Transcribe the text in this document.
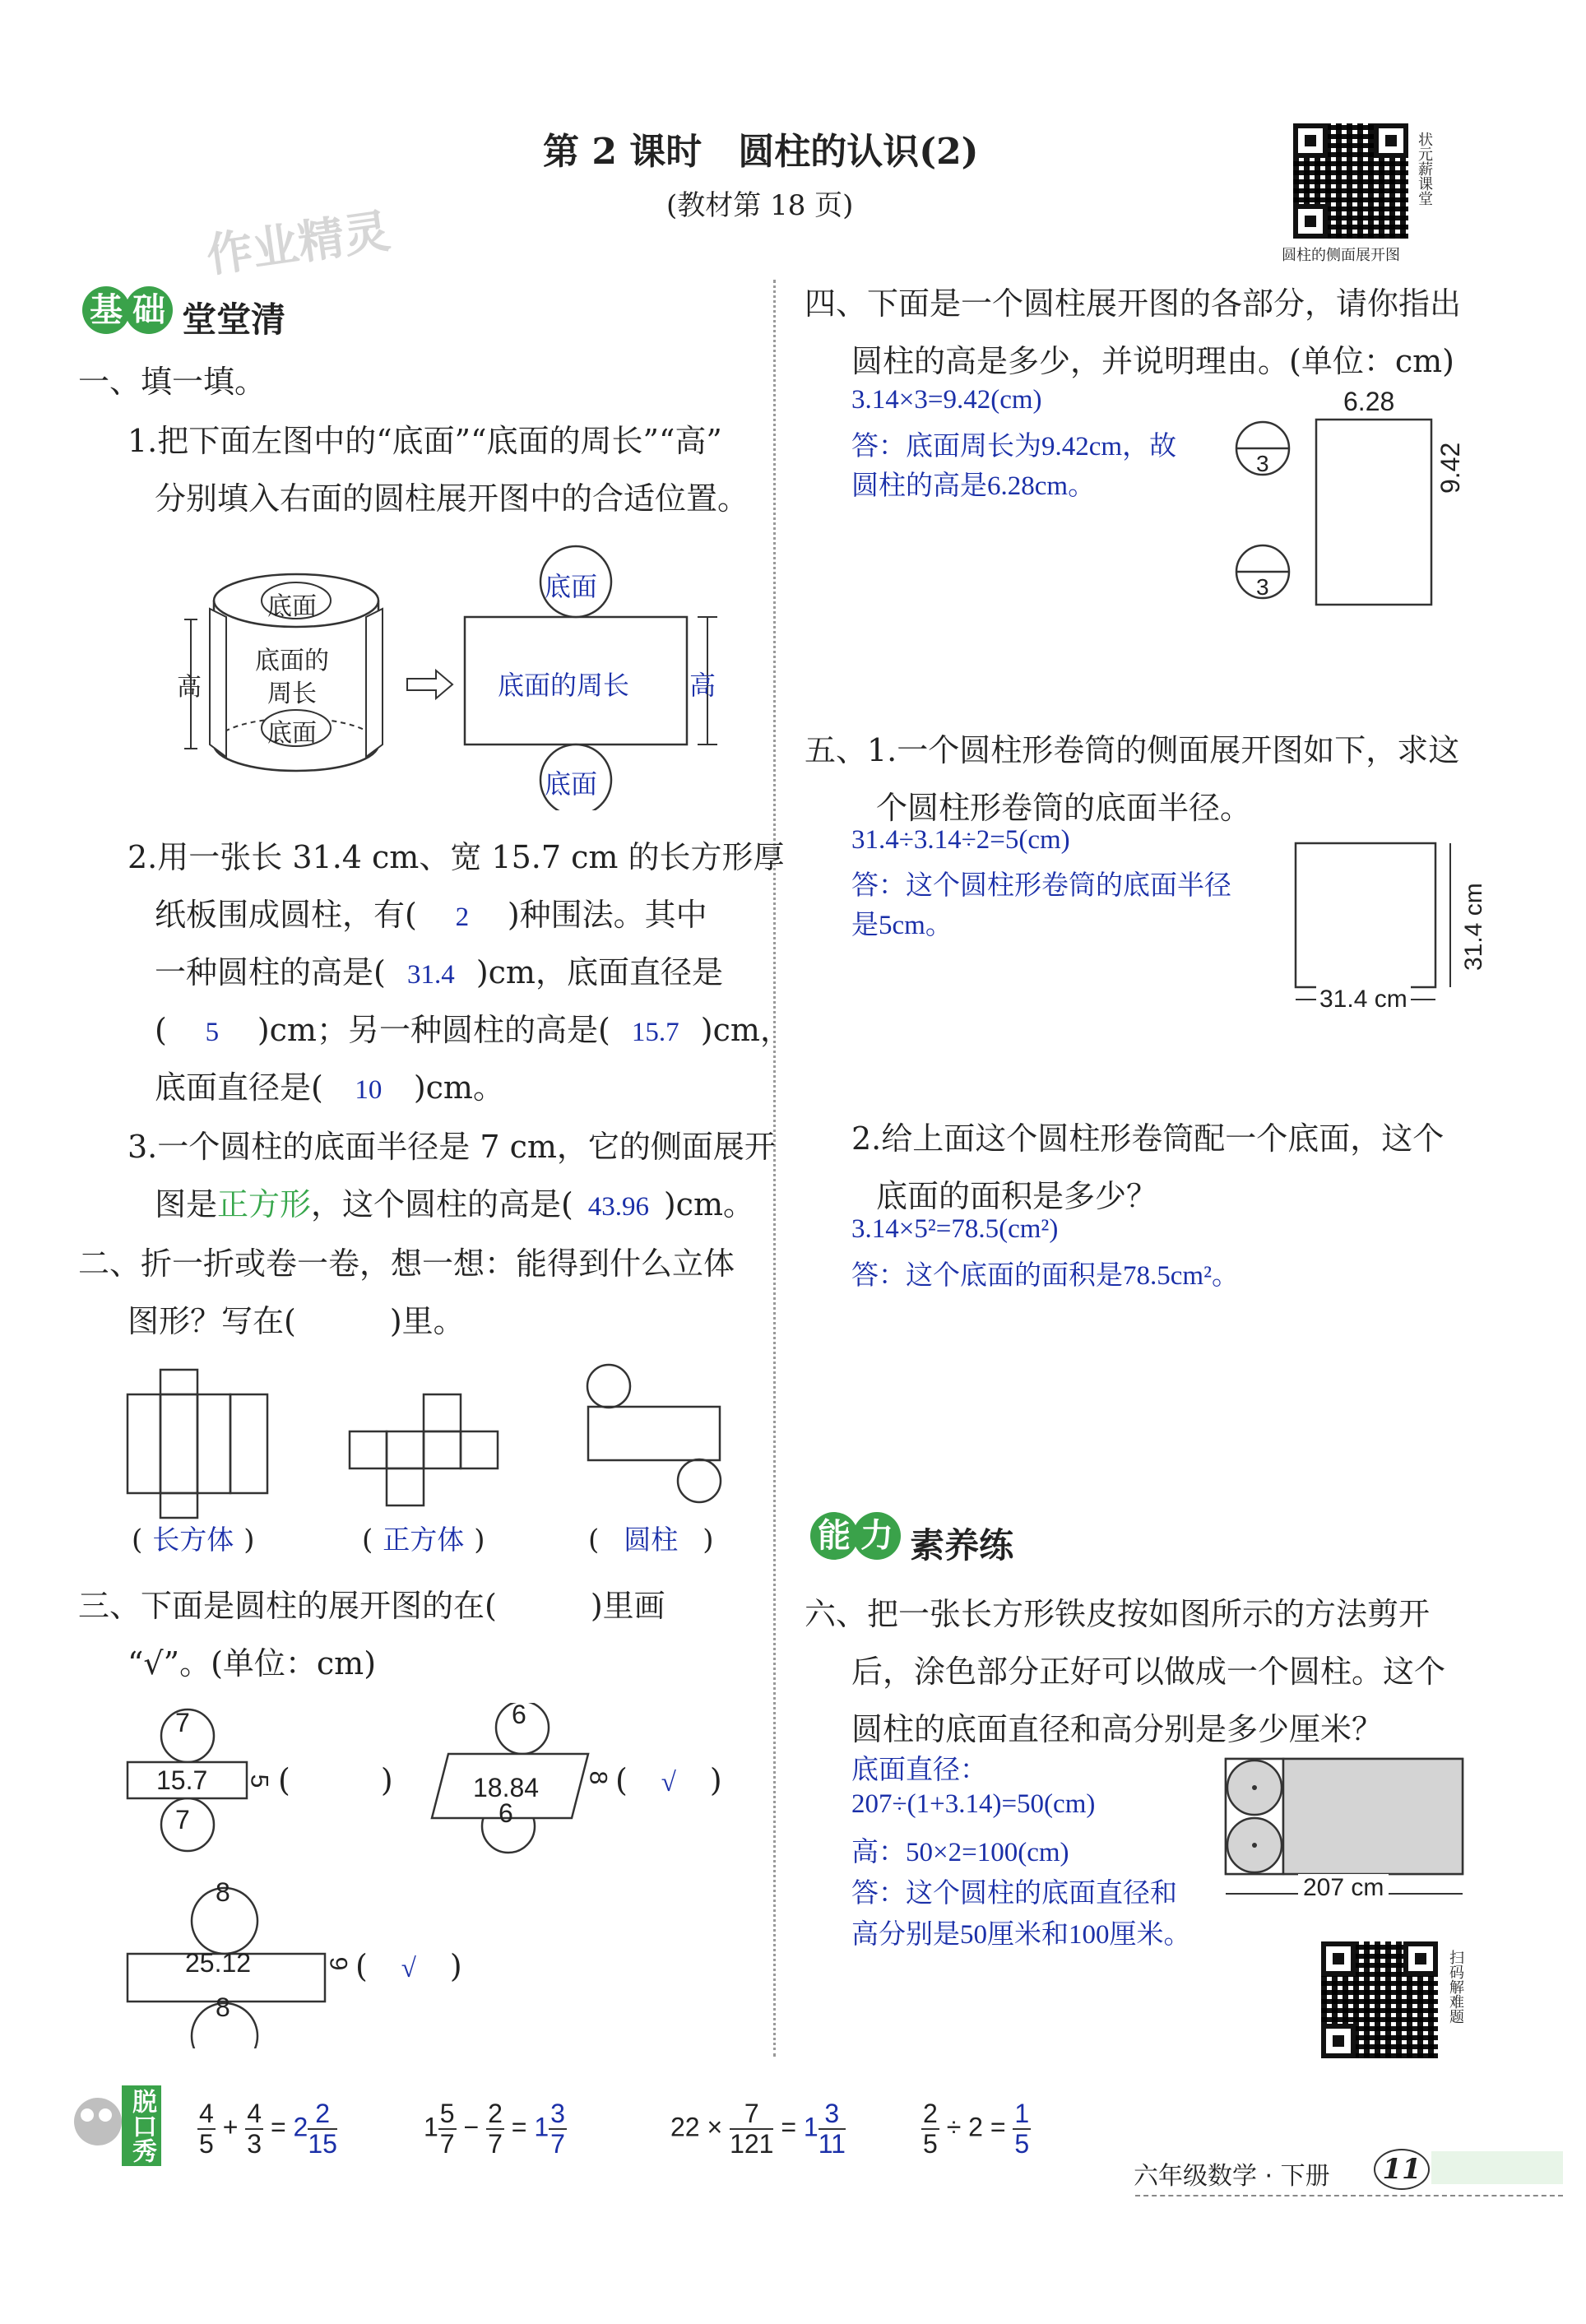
第 2 课时　圆柱的认识(2)
(教材第 18 页)
作业精灵
状元薪课堂
圆柱的侧面展开图
基 础 堂堂清
一、填一填。
1.把下面左图中的“底面”“底面的周长”“高”
分别填入右面的圆柱展开图中的合适位置。
底面
底面的
周长
底面
高
底面
底面的周长 高
底面
2.用一张长 31.4 cm、宽 15.7 cm 的长方形厚
纸板围成圆柱，有( 2 )种围法。其中
一种圆柱的高是( 31.4 )cm，底面直径是
( 5 )cm；另一种圆柱的高是( 15.7 )cm，
底面直径是( 10 )cm。
3.一个圆柱的底面半径是 7 cm，它的侧面展开
图是正方形，这个圆柱的高是( 43.96 )cm。
二、折一折或卷一卷，想一想：能得到什么立体
图形？写在(　　　)里。
( 长方体 )	( 正方体 )	( 圆柱 )
三、下面是圆柱的展开图的在(　　　)里画
“√”。(单位：cm)
7
15.7 5
7
(	)
6
18.84 8
6
( √ )
8
25.12	9
8
( √ )
四、下面是一个圆柱展开图的各部分，请你指出
圆柱的高是多少，并说明理由。(单位：cm)
3.14×3=9.42(cm)
答：底面周长为9.42cm，故
圆柱的高是6.28cm。
3
3
6.28
9.42
五、1.一个圆柱形卷筒的侧面展开图如下，求这
个圆柱形卷筒的底面半径。
31.4÷3.14÷2=5(cm)
答：这个圆柱形卷筒的底面半径
是5cm。	31.4 cm
31.4 cm
2.给上面这个圆柱形卷筒配一个底面，这个
底面的面积是多少？
3.14×5²=78.5(cm²)
答：这个底面的面积是78.5cm²。
能 力 素养练
六、把一张长方形铁皮按如图所示的方法剪开
后，涂色部分正好可以做成一个圆柱。这个
圆柱的底面直径和高分别是多少厘米？
底面直径：
207÷(1+3.14)=50(cm)
高：50×2=100(cm)
答：这个圆柱的底面直径和
高分别是50厘米和100厘米。
207 cm
扫码解难题
脱口秀 $\frac{4}{5} + \frac{4}{3} = 2 \frac{2}{15}$	$1 \frac{5}{7} - \frac{2}{7} = 1 \frac{3}{7}$	$22 \times \frac{7}{121} = 1 \frac{3}{11}$	$\frac{2}{5} \div 2 = \frac{1}{5}$
六年级数学 · 下册	11
